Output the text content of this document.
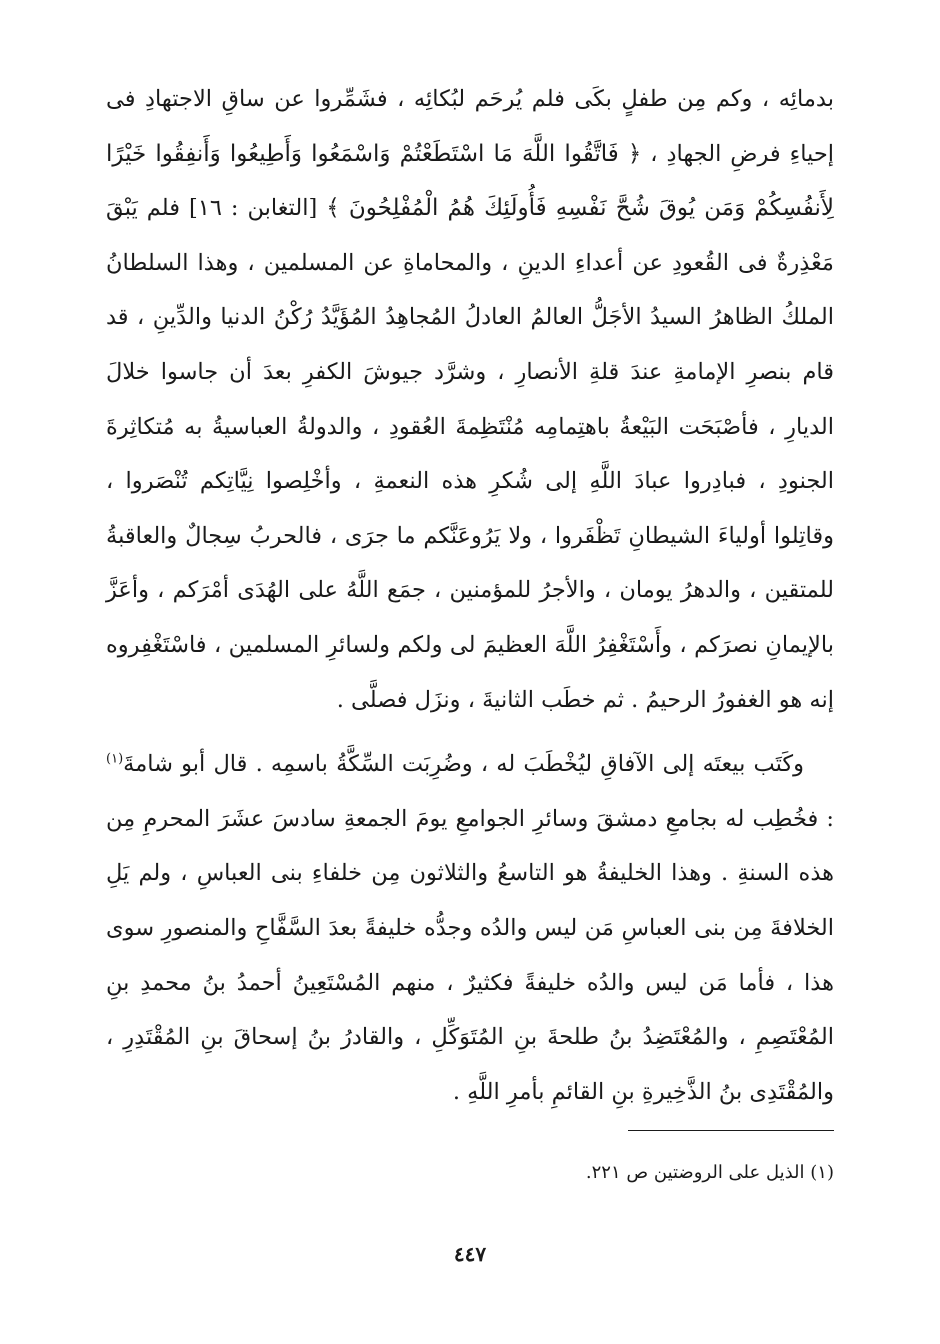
بدمائِه ، وكم مِن طفلٍ بكَى فلم يُرحَم لبُكائِه ، فشَمِّروا عن ساقِ الاجتهادِ فى إحياءِ فرضِ الجهادِ ، ﴿ فَاتَّقُوا اللَّهَ مَا اسْتَطَعْتُمْ وَاسْمَعُوا وَأَطِيعُوا وَأَنفِقُوا خَيْرًا لِأَنفُسِكُمْ وَمَن يُوقَ شُحَّ نَفْسِهِ فَأُولَئِكَ هُمُ الْمُفْلِحُونَ ﴾ [التغابن : ١٦] فلم يَبْقَ مَعْذِرةٌ فى القُعودِ عن أعداءِ الدينِ ، والمحاماةِ عن المسلمين ، وهذا السلطانُ الملكُ الظاهرُ السيدُ الأجَلُّ العالمُ العادلُ المُجاهِدُ المُؤَيَّدُ رُكْنُ الدنيا والدِّينِ ، قد قام بنصرِ الإمامةِ عندَ قلةِ الأنصارِ ، وشرَّد جيوشَ الكفرِ بعدَ أن جاسوا خلالَ الديارِ ، فأصْبَحَت البَيْعةُ باهتِمامِه مُنْتَظِمةَ العُقودِ ، والدولةُ العباسيةُ به مُتكاثِرةَ الجنودِ ، فبادِروا عبادَ اللَّهِ إلى شُكرِ هذه النعمةِ ، وأخْلِصوا نِيَّاتِكم تُنْصَروا ، وقاتِلوا أولياءَ الشيطانِ تَظْفَروا ، ولا يَرُوعَنَّكم ما جرَى ، فالحربُ سِجالٌ والعاقبةُ للمتقين ، والدهرُ يومان ، والأجرُ للمؤمنين ، جمَع اللَّهُ على الهُدَى أمْرَكم ، وأعَزَّ بالإيمانِ نصرَكم ، وأَسْتَغْفِرُ اللَّهَ العظيمَ لى ولكم ولسائرِ المسلمين ، فاسْتَغْفِروه إنه هو الغفورُ الرحيمُ . ثم خطَب الثانيةَ ، ونزَل فصلَّى .

وكَتَب بيعتَه إلى الآفاقِ ليُخْطَبَ له ، وضُرِبَت السِّكَّةُ باسمِه . قال أبو شامةَ$^{(١)}$ : فخُطِب له بجامعِ دمشقَ وسائرِ الجوامعِ يومَ الجمعةِ سادسَ عشَرَ المحرمِ مِن هذه السنةِ . وهذا الخليفةُ هو التاسعُ والثلاثون مِن خلفاءِ بنى العباسِ ، ولم يَلِ الخلافةَ مِن بنى العباسِ مَن ليس والدُه وجدُّه خليفةً بعدَ السَّفَّاحِ والمنصورِ سوى هذا ، فأما مَن ليس والدُه خليفةً فكثيرٌ ، منهم المُسْتَعِينُ أحمدُ بنُ محمدِ بنِ المُعْتَصِمِ ، والمُعْتَضِدُ بنُ طلحةَ بنِ المُتَوَكِّلِ ، والقادرُ بنُ إسحاقَ بنِ المُقْتَدِرِ ، والمُقْتَدِى بنُ الذَّخِيرةِ بنِ القائمِ بأمرِ اللَّهِ .

(١) الذيل على الروضتين ص ٢٢١.
٤٤٧
